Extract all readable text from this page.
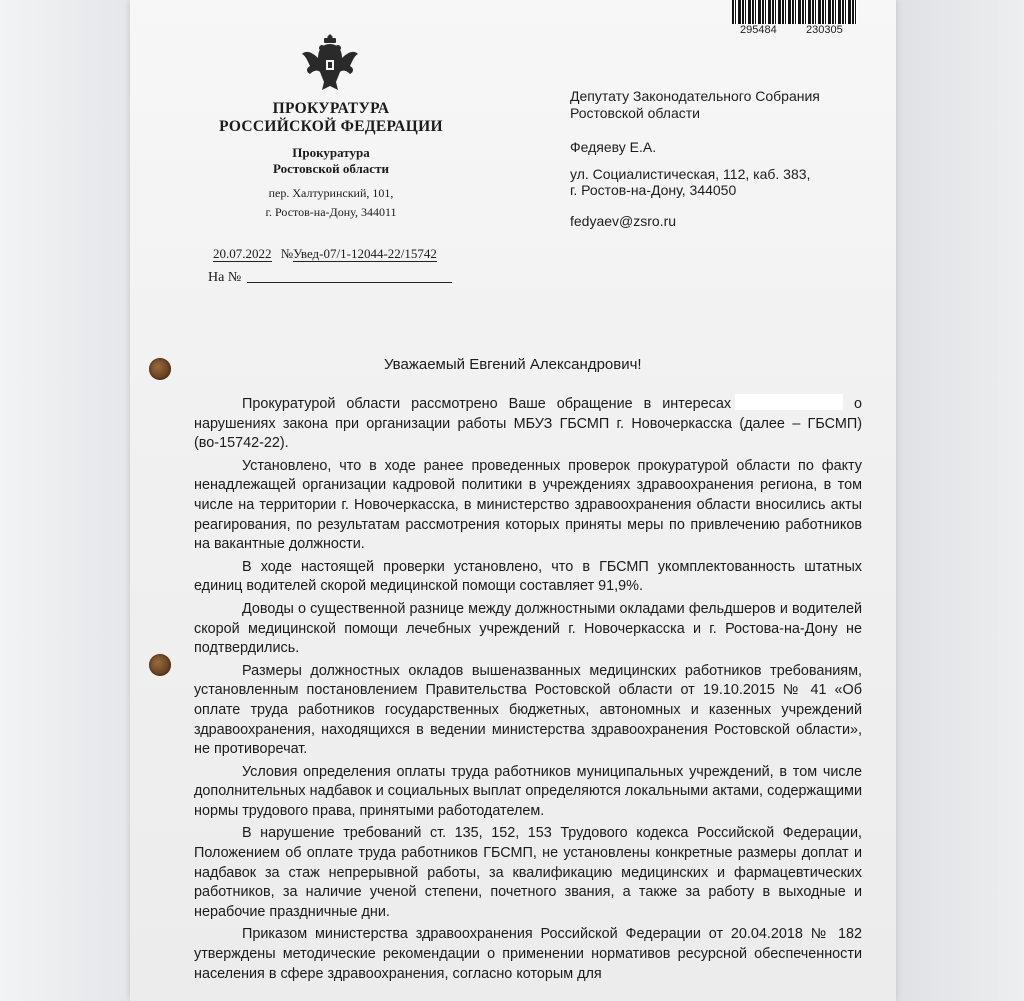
295484	230305
ПРОКУРАТУРА
РОССИЙСКОЙ ФЕДЕРАЦИИ
Прокуратура
Ростовской области
пер. Халтуринский, 101,
г. Ростов-на-Дону, 344011
20.07.2022 №Увед-07/1-12044-22/15742
На №
Депутату Законодательного Собрания
Ростовской области
Федяеву Е.А.
ул. Социалистическая, 112, каб. 383,
г. Ростов-на-Дону, 344050
fedyaev@zsro.ru
Уважаемый Евгений Александрович!

Прокуратурой области рассмотрено Ваше обращение в интересах	о нарушениях закона при организации работы МБУЗ ГБСМП г. Новочеркасска (далее – ГБСМП) (во-15742-22).

Установлено, что в ходе ранее проведенных проверок прокуратурой области по факту ненадлежащей организации кадровой политики в учреждениях здравоохранения региона, в том числе на территории г. Новочеркасска, в министерство здравоохранения области вносились акты реагирования, по результатам рассмотрения которых приняты меры по привлечению работников на вакантные должности.

В ходе настоящей проверки установлено, что в ГБСМП укомплектованность штатных единиц водителей скорой медицинской помощи составляет 91,9%.

Доводы о существенной разнице между должностными окладами фельдшеров и водителей скорой медицинской помощи лечебных учреждений г. Новочеркасска и г. Ростова-на-Дону не подтвердились.

Размеры должностных окладов вышеназванных медицинских работников требованиям, установленным постановлением Правительства Ростовской области от 19.10.2015 № 41 «Об оплате труда работников государственных бюджетных, автономных и казенных учреждений здравоохранения, находящихся в ведении министерства здравоохранения Ростовской области», не противоречат.

Условия определения оплаты труда работников муниципальных учреждений, в том числе дополнительных надбавок и социальных выплат определяются локальными актами, содержащими нормы трудового права, принятыми работодателем.

В нарушение требований ст. 135, 152, 153 Трудового кодекса Российской Федерации, Положением об оплате труда работников ГБСМП, не установлены конкретные размеры доплат и надбавок за стаж непрерывной работы, за квалификацию медицинских и фармацевтических работников, за наличие ученой степени, почетного звания, а также за работу в выходные и нерабочие праздничные дни.

Приказом министерства здравоохранения Российской Федерации от 20.04.2018 № 182 утверждены методические рекомендации о применении нормативов ресурсной обеспеченности населения в сфере здравоохранения, согласно которым для
